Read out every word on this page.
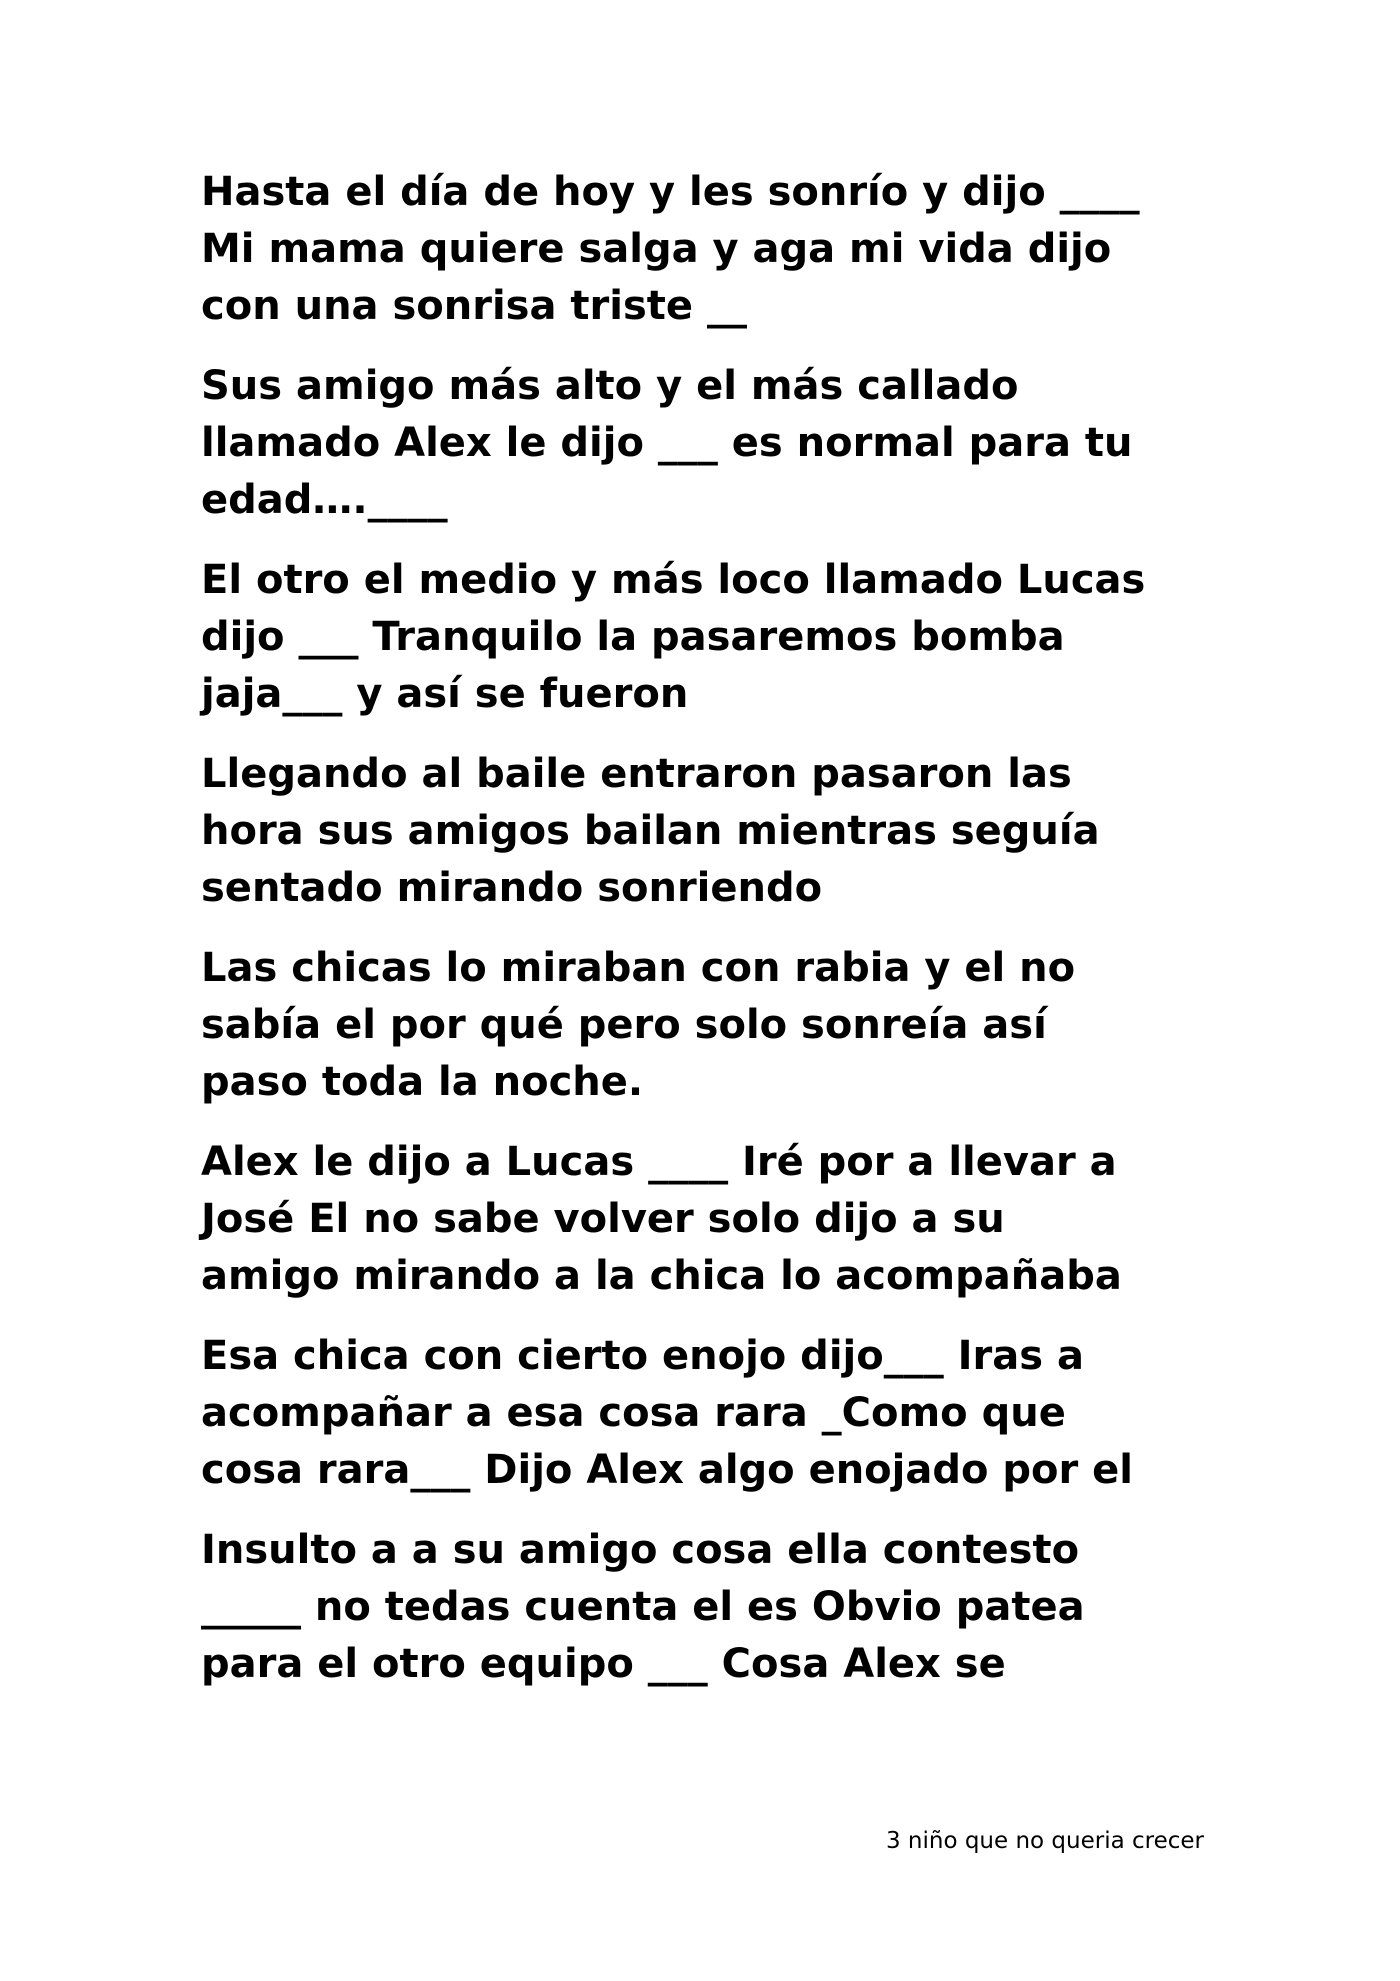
Hasta el día de hoy y les sonrío y dijo ____
Mi mama quiere salga y aga mi vida dijo
con una sonrisa triste __

Sus amigo más alto y el más callado
llamado Alex le dijo ___ es normal para tu
edad….____

El otro el medio y más loco llamado Lucas
dijo ___ Tranquilo la pasaremos bomba
jaja___ y así se fueron

Llegando al baile entraron pasaron las
hora sus amigos bailan mientras seguía
sentado mirando sonriendo

Las chicas lo miraban con rabia y el no
sabía el por qué pero solo sonreía así
paso toda la noche.

Alex le dijo a Lucas ____ Iré por a llevar a
José El no sabe volver solo dijo a su
amigo mirando a la chica lo acompañaba

Esa chica con cierto enojo dijo___ Iras a
acompañar a esa cosa rara _Como que
cosa rara___ Dijo Alex algo enojado por el

Insulto a a su amigo cosa ella contesto
_____ no tedas cuenta el es Obvio patea
para el otro equipo ___ Cosa Alex se

3 niño que no queria crecer
